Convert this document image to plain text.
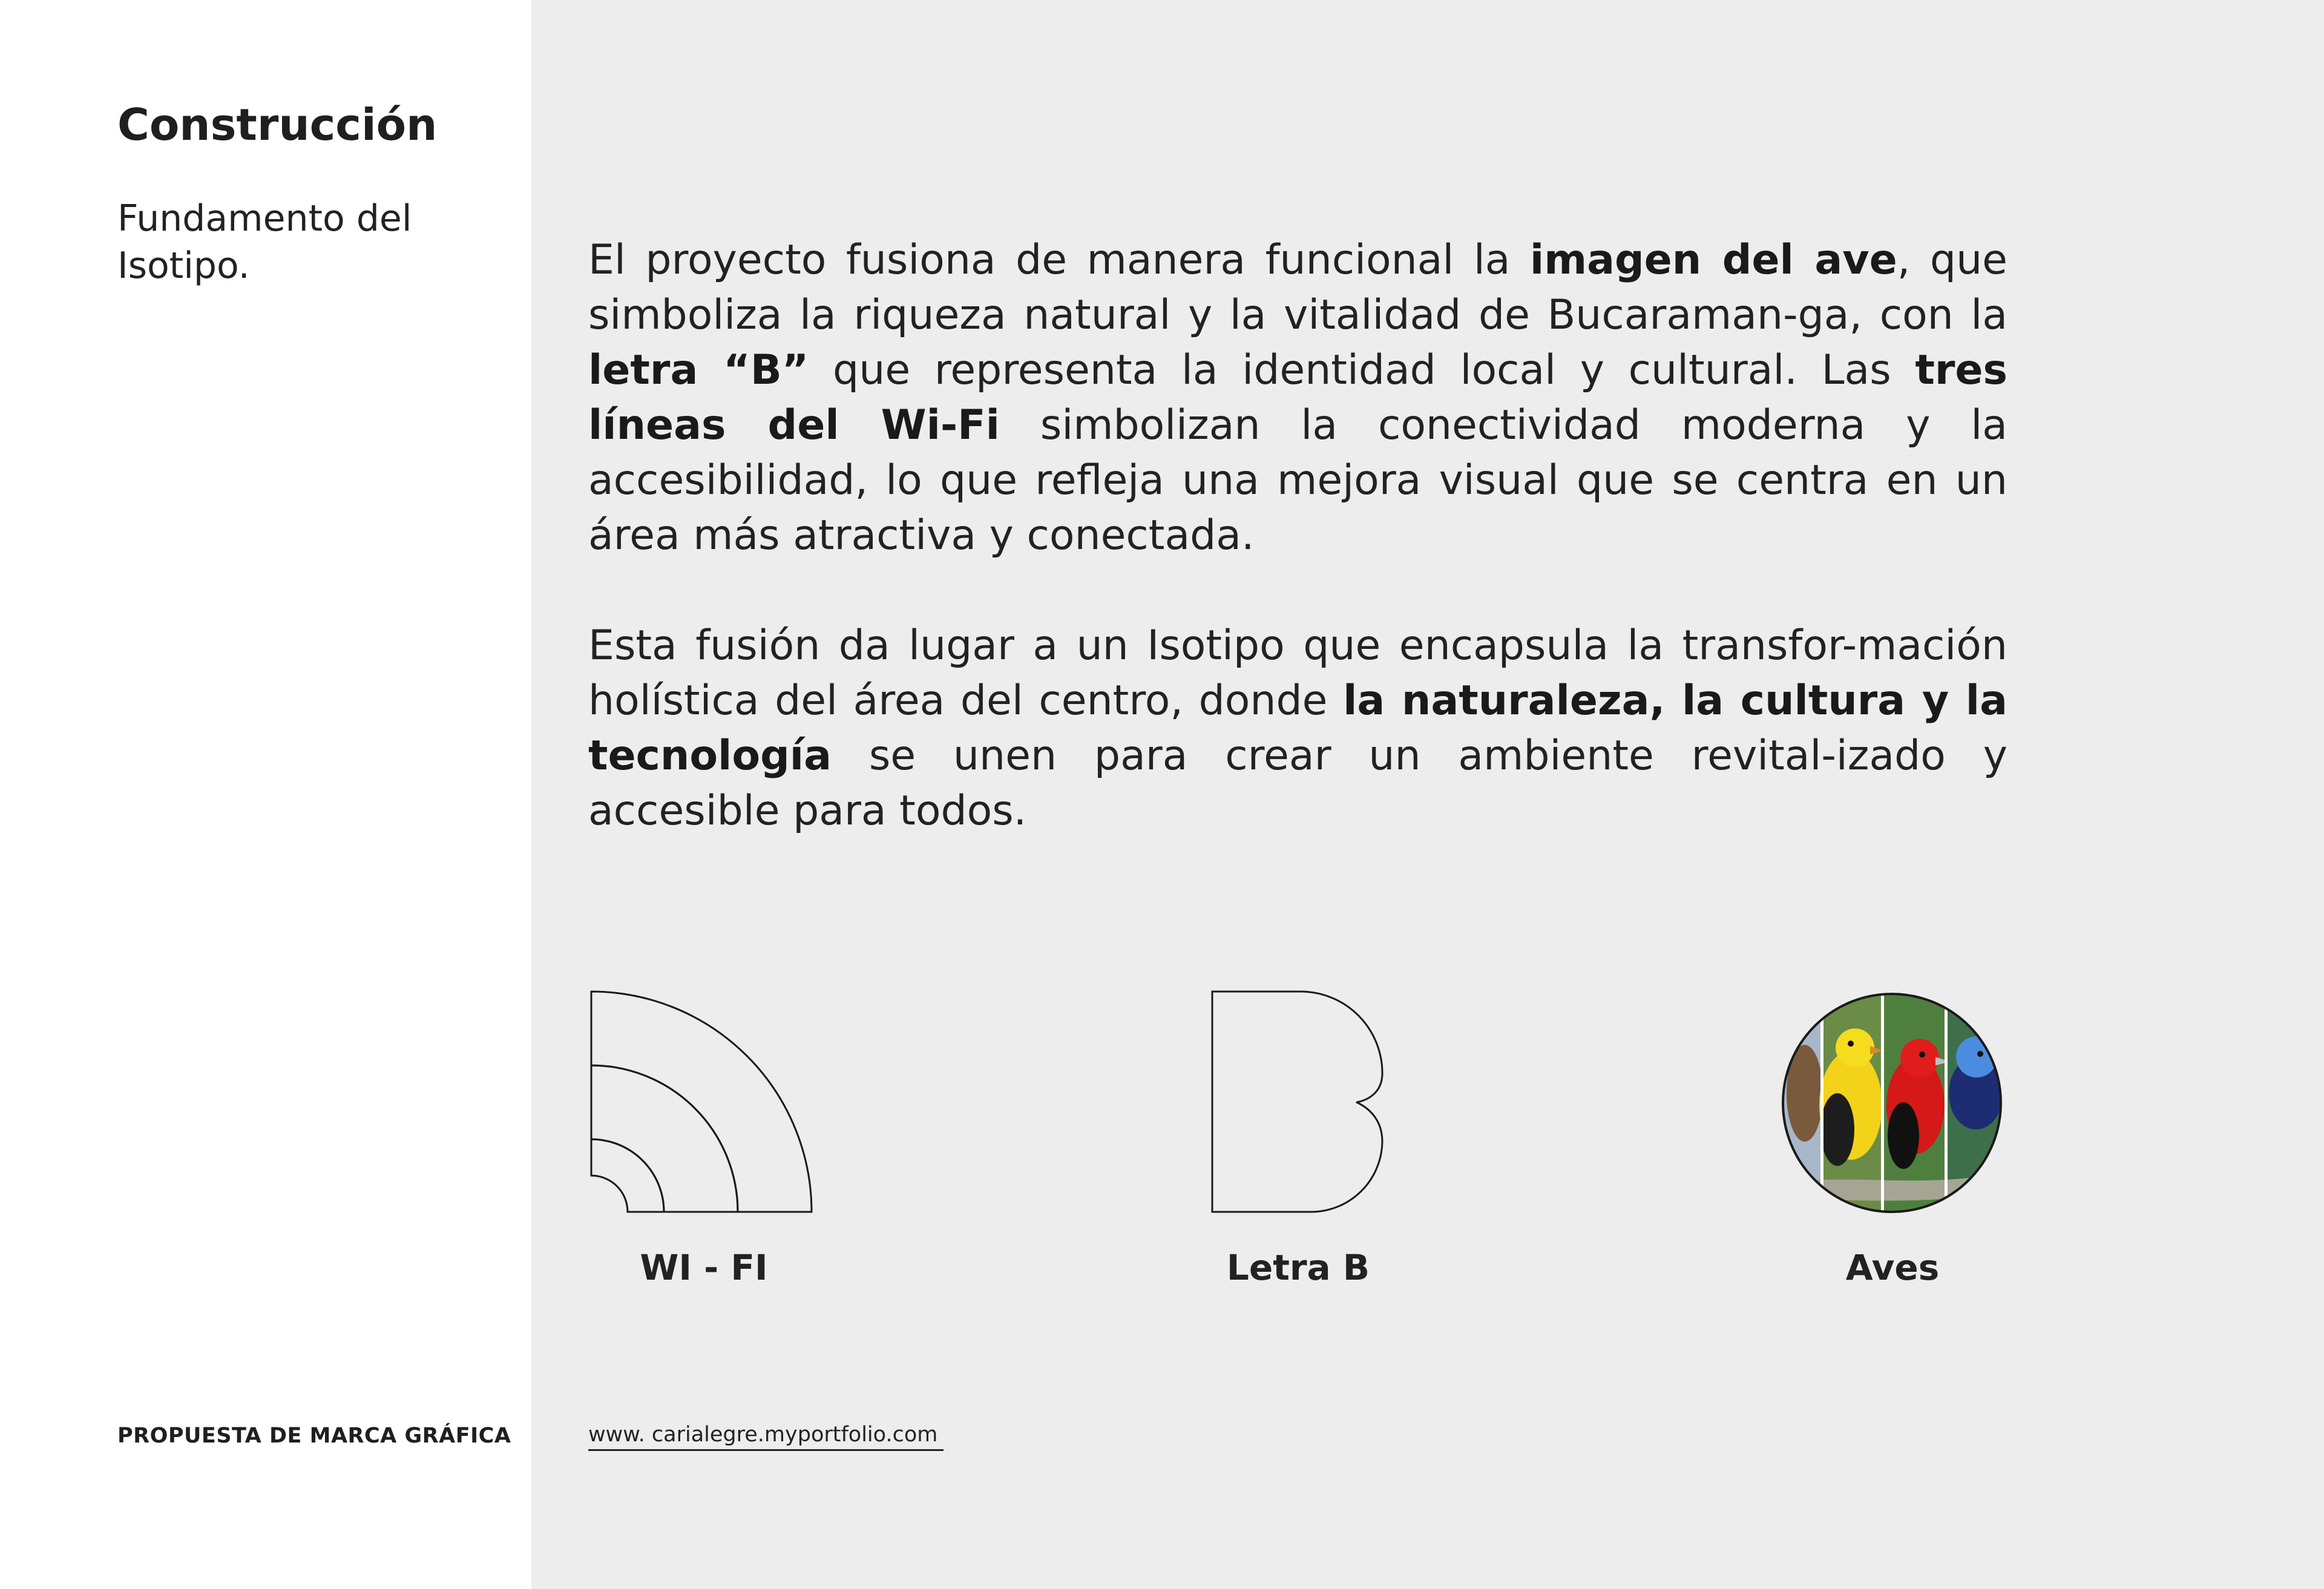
Construcción
Fundamento del Isotipo.
PROPUESTA DE MARCA GRÁFICA

El proyecto fusiona de manera funcional la imagen del ave, que simboliza la riqueza natural y la vitalidad de Bucaraman-ga, con la letra “B” que representa la identidad local y cultural. Las tres líneas del Wi-Fi simbolizan la conectividad moderna y la accesibilidad, lo que refleja una mejora visual que se centra en un área más atractiva y conectada.

Esta fusión da lugar a un Isotipo que encapsula la transfor-mación holística del área del centro, donde la naturaleza, la cultura y la tecnología se unen para crear un ambiente revital-izado y accesible para todos.

WI - FI	Letra B	Aves
www. carialegre.myportfolio.com
